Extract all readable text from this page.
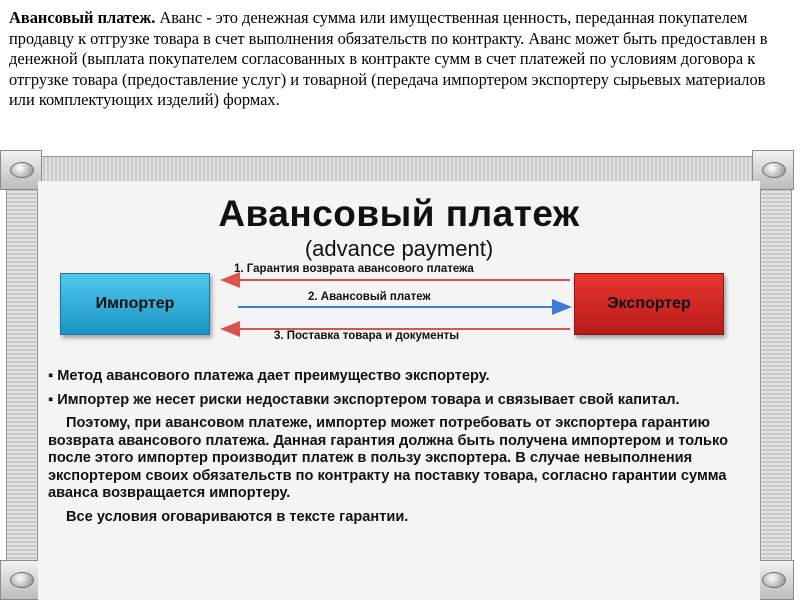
Авансовый платеж. Аванс - это денежная сумма или имущественная ценность, переданная покупателем продавцу к отгрузке товара в счет выполнения обязательств по контракту. Аванс может быть предоставлен в денежной (выплата покупателем согласованных в контракте сумм в счет платежей по условиям договора к отгрузке товара (предоставление услуг) и товарной (передача импортером экспортеру сырьевых материалов или комплектующих изделий) формах.
Авансовый платеж
(advance payment)
Импортер	Экспортер
1. Гарантия возврата авансового платежа
2. Авансовый платеж
3. Поставка товара и документы

▪ Метод авансового платежа дает преимущество экспортеру.

▪ Импортер же несет риски недоставки экспортером товара и связывает свой капитал.

Поэтому, при авансовом платеже, импортер может потребовать от экспортера гарантию возврата авансового платежа. Данная гарантия должна быть получена импортером и только после этого импортер производит платеж в пользу экспортера. В случае невыполнения экспортером своих обязательств по контракту на поставку товара, согласно гарантии сумма аванса возвращается импортеру.

Все условия оговариваются в тексте гарантии.
